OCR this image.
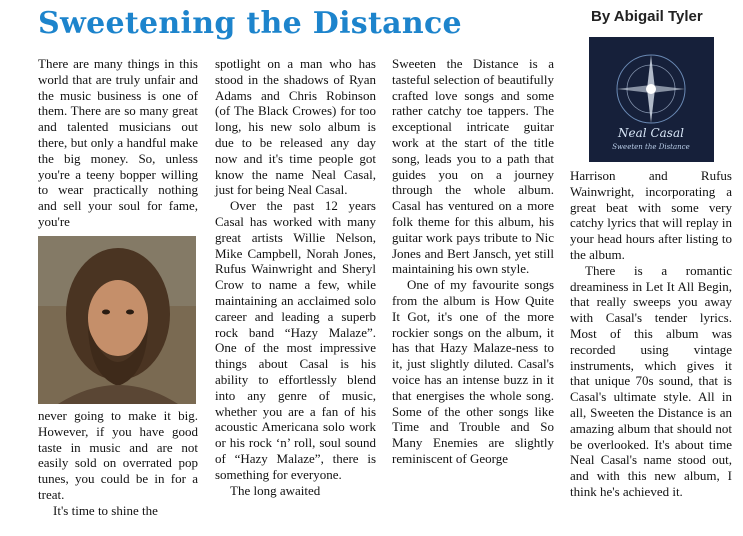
Sweetening the Distance	By Abigail Tyler

There are many things in this world that are truly unfair and the music business is one of them. There are so many great and talented musicians out there, but only a handful make the big money. So, unless you're a teeny bopper willing to wear practically nothing and sell your soul for fame, you're

never going to make it big. However, if you have good taste in music and are not easily sold on overrated pop tunes, you could be in for a treat.

It's time to shine the

spotlight on a man who has stood in the shadows of Ryan Adams and Chris Robinson (of The Black Crowes) for too long, his new solo album is due to be released any day now and it's time people got know the name Neal Casal, just for being Neal Casal.

Over the past 12 years Casal has worked with many great artists Willie Nelson, Mike Campbell, Norah Jones, Rufus Wainwright and Sheryl Crow to name a few, while maintaining an acclaimed solo career and leading a superb rock band “Hazy Malaze”. One of the most impressive things about Casal is his ability to effortlessly blend into any genre of music, whether you are a fan of his acoustic Americana solo work or his rock ‘n’ roll, soul sound of “Hazy Malaze”, there is something for everyone.

The long awaited

Sweeten the Distance is a tasteful selection of beautifully crafted love songs and some rather catchy toe tappers. The exceptional intricate guitar work at the start of the title song, leads you to a path that guides you on a journey through the whole album. Casal has ventured on a more folk theme for this album, his guitar work pays tribute to Nic Jones and Bert Jansch, yet still maintaining his own style.

One of my favourite songs from the album is How Quite It Got, it's one of the more rockier songs on the album, it has that Hazy Malaze-ness to it, just slightly diluted. Casal's voice has an intense buzz in it that energises the whole song. Some of the other songs like Time and Trouble and So Many Enemies are slightly reminiscent of George

Neal Casal
Sweeten the Distance

Harrison and Rufus Wainwright, incorporating a great beat with some very catchy lyrics that will replay in your head hours after listing to the album.

There is a romantic dreaminess in Let It All Begin, that really sweeps you away with Casal's tender lyrics. Most of this album was recorded using vintage instruments, which gives it that unique 70s sound, that is Casal's ultimate style. All in all, Sweeten the Distance is an amazing album that should not be overlooked. It's about time Neal Casal's name stood out, and with this new album, I think he's achieved it.
